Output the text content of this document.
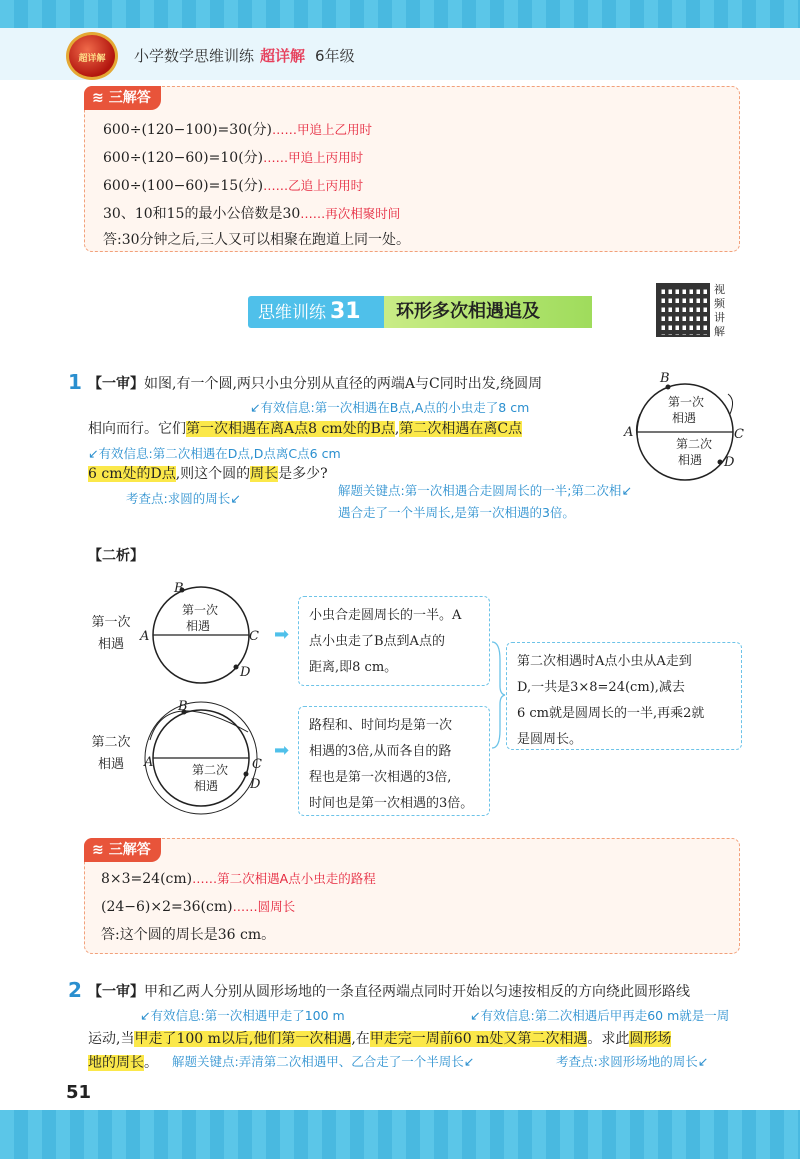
超详解 小学数学思维训练 超详解 6年级
≋ 三解答
600÷(120−100)=30(分)……甲追上乙用时
600÷(120−60)=10(分)……甲追上丙用时
600÷(100−60)=15(分)……乙追上丙用时
30、10和15的最小公倍数是30……再次相聚时间
答:30分钟之后,三人又可以相聚在跑道上同一处。
思维训练 31	环形多次相遇追及
视频讲解
1 【一审】如图,有一个圆,两只小虫分别从直径的两端A与C同时出发,绕圆周
↙有效信息:第一次相遇在B点,A点的小虫走了8 cm
相向而行。它们第一次相遇在离A点8 cm处的B点,第二次相遇在离C点
↙有效信息:第二次相遇在D点,D点离C点6 cm
6 cm处的D点,则这个圆的周长是多少?
考查点:求圆的周长↙
解题关键点:第一次相遇合走圆周长的一半;第二次相↙
遇合走了一个半周长,是第一次相遇的3倍。
B
A	C
D
第一次
相遇
第二次
相遇
【二析】
第一次
相遇
B
A	C
D
第一次
相遇	➡
小虫合走圆周长的一半。A
点小虫走了B点到A点的
距离,即8 cm。
第二次
相遇
B
A	C
D
第二次
相遇
➡
路程和、时间均是第一次
相遇的3倍,从而各自的路
程也是第一次相遇的3倍,
时间也是第一次相遇的3倍。
第二次相遇时A点小虫从A走到
D,一共是3×8=24(cm),减去
6 cm就是圆周长的一半,再乘2就
是圆周长。
≋ 三解答
8×3=24(cm)……第二次相遇A点小虫走的路程
(24−6)×2=36(cm)……圆周长
答:这个圆的周长是36 cm。
2 【一审】甲和乙两人分别从圆形场地的一条直径两端点同时开始以匀速按相反的方向绕此圆形路线
↙有效信息:第一次相遇甲走了100 m	↙有效信息:第二次相遇后甲再走60 m就是一周
运动,当甲走了100 m以后,他们第一次相遇,在甲走完一周前60 m处又第二次相遇。求此圆形场
地的周长。 解题关键点:弄清第二次相遇甲、乙合走了一个半周长↙	考查点:求圆形场地的周长↙
51
